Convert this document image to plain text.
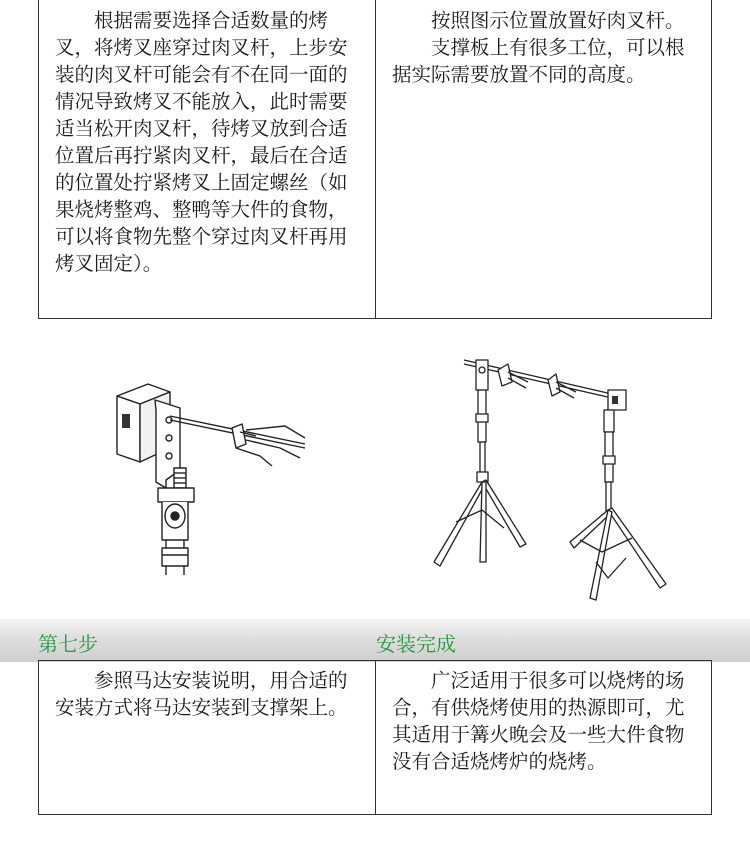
根据需要选择合适数量的烤叉，将烤叉座穿过肉叉杆，上步安装的肉叉杆可能会有不在同一面的情况导致烤叉不能放入，此时需要适当松开肉叉杆，待烤叉放到合适位置后再拧紧肉叉杆，最后在合适的位置处拧紧烤叉上固定螺丝（如果烧烤整鸡、整鸭等大件的食物，可以将食物先整个穿过肉叉杆再用烤叉固定）。

按照图示位置放置好肉叉杆。

支撑板上有很多工位，可以根据实际需要放置不同的高度。

第七步	安装完成

参照马达安装说明，用合适的安装方式将马达安装到支撑架上。

广泛适用于很多可以烧烤的场合，有供烧烤使用的热源即可，尤其适用于篝火晚会及一些大件食物没有合适烧烤炉的烧烤。
